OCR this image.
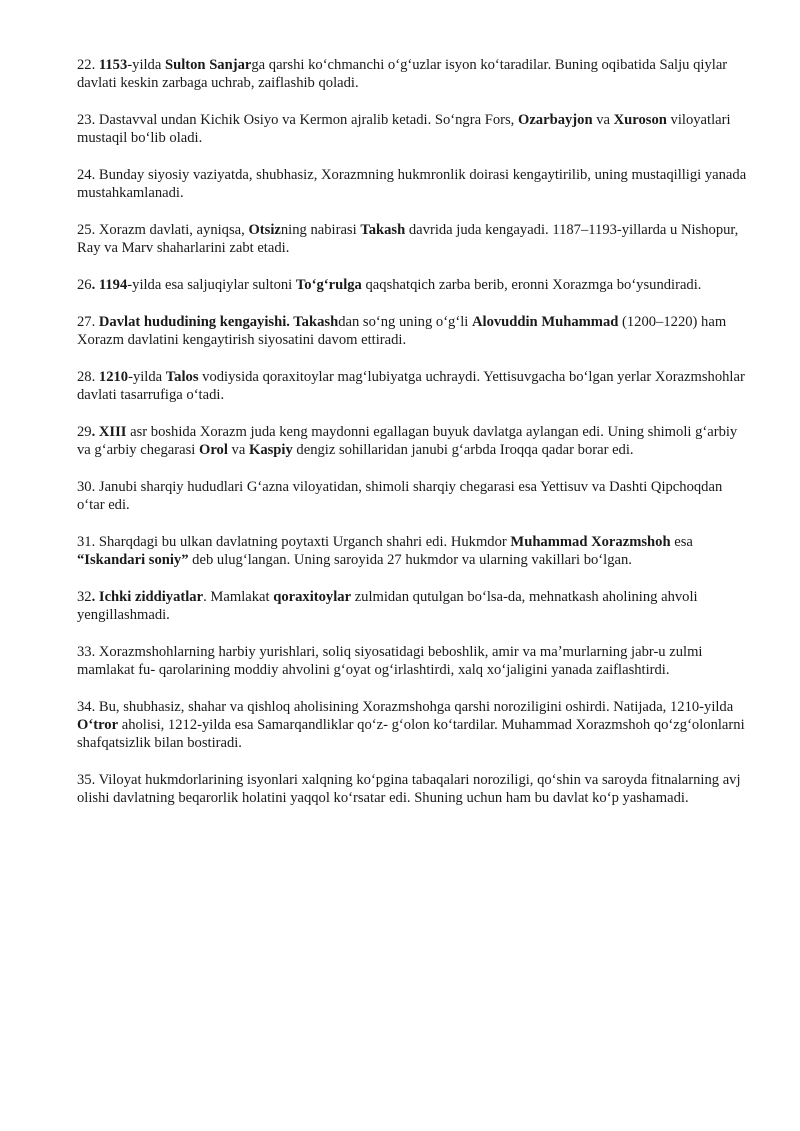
22. 1153-yilda Sulton Sanjarga qarshi koʻchmanchi oʻgʻuzlar isyon koʻtaradilar. Buning oqibatida Salju qiylar davlati keskin zarbaga uchrab, zaiflashib qoladi.

23. Dastavval undan Kichik Osiyo va Kermon ajralib ketadi. Soʻngra Fors, Ozarbayjon va Xuroson viloyatlari mustaqil boʻlib oladi.

24. Bunday siyosiy vaziyatda, shubhasiz, Xorazmning hukmronlik doirasi kengaytirilib, uning mustaqilligi yanada mustahkamlanadi.

25. Xorazm davlati, ayniqsa, Otsizning nabirasi Takash davrida juda kengayadi. 1187–1193-yillarda u Nishopur, Ray va Marv shaharlarini zabt etadi.

26. 1194-yilda esa saljuqiylar sultoni Toʻgʻrulga qaqshatqich zarba berib, eronni Xorazmga boʻysundiradi.

27. Davlat hududining kengayishi. Takashdan soʻng uning oʻgʻli Alovuddin Muhammad (1200–1220) ham Xorazm davlatini kengaytirish siyosatini davom ettiradi.

28. 1210-yilda Talos vodiysida qoraxitoylar magʻlubiyatga uchraydi. Yettisuvgacha boʻlgan yerlar Xorazmshohlar davlati tasarrufiga oʻtadi.

29. XIII asr boshida Xorazm juda keng maydonni egallagan buyuk davlatga aylangan edi. Uning shimoli gʻarbiy va gʻarbiy chegarasi Orol va Kaspiy dengiz sohillaridan janubi gʻarbda Iroqqa qadar borar edi.

30. Janubi sharqiy hududlari Gʻazna viloyatidan, shimoli sharqiy chegarasi esa Yettisuv va Dashti Qipchoqdan oʻtar edi.

31. Sharqdagi bu ulkan davlatning poytaxti Urganch shahri edi. Hukmdor Muhammad Xorazmshoh esa “Iskandari soniy” deb ulugʻlangan. Uning saroyida 27 hukmdor va ularning vakillari boʻlgan.

32. Ichki ziddiyatlar. Mamlakat qoraxitoylar zulmidan qutulgan boʻlsa-da, mehnatkash aholining ahvoli yengillashmadi.

33. Xorazmshohlarning harbiy yurishlari, soliq siyosatidagi beboshlik, amir va maʼmurlarning jabr-u zulmi mamlakat fu- qarolarining moddiy ahvolini gʻoyat ogʻirlashtirdi, xalq xoʻjaligini yanada zaiflashtirdi.

34. Bu, shubhasiz, shahar va qishloq aholisining Xorazmshohga qarshi noroziligini oshirdi. Natijada, 1210-yilda Oʻtror aholisi, 1212-yilda esa Samarqandliklar qoʻz- gʻolon koʻtardilar. Muhammad Xorazmshoh qoʻzgʻolonlarni shafqatsizlik bilan bostiradi.

35. Viloyat hukmdorlarining isyonlari xalqning koʻpgina tabaqalari noroziligi, qoʻshin va saroyda fitnalarning avj olishi davlatning beqarorlik holatini yaqqol koʻrsatar edi. Shuning uchun ham bu davlat koʻp yashamadi.
